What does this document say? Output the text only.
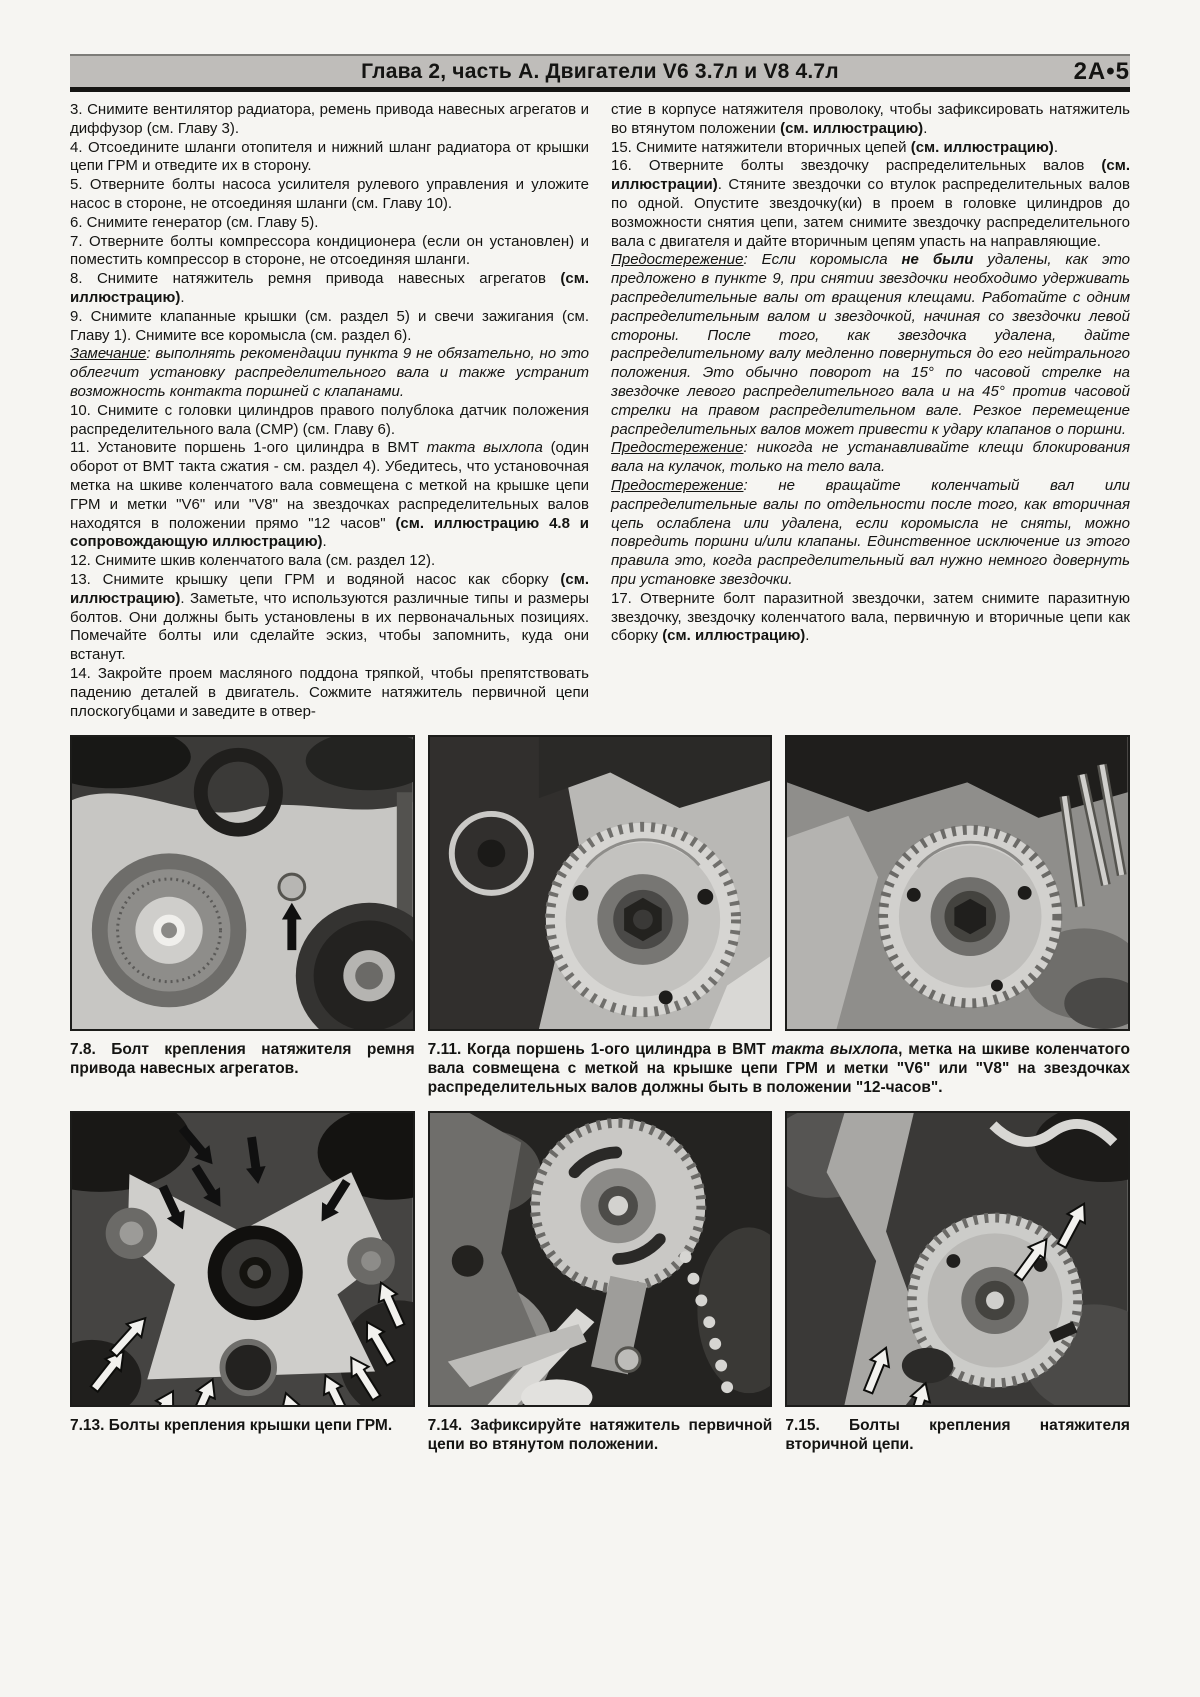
Глава 2, часть А. Двигатели V6 3.7л и V8 4.7л	2А•5

3. Снимите вентилятор радиатора, ремень привода навесных агрегатов и диффузор (см. Главу 3).

4. Отсоедините шланги отопителя и нижний шланг радиатора от крышки цепи ГРМ и отведите их в сторону.

5. Отверните болты насоса усилителя рулевого управления и уложите насос в стороне, не отсоединяя шланги (см. Главу 10).

6. Снимите генератор (см. Главу 5).

7. Отверните болты компрессора кондиционера (если он установлен) и поместить компрессор в стороне, не отсоединяя шланги.

8. Снимите натяжитель ремня привода навесных агрегатов (см. иллюстрацию).

9. Снимите клапанные крышки (см. раздел 5) и свечи зажигания (см. Главу 1). Снимите все коромысла (см. раздел 6).

Замечание: выполнять рекомендации пункта 9 не обязательно, но это облегчит установку распределительного вала и также устранит возможность контакта поршней с клапанами.

10. Снимите с головки цилиндров правого полублока датчик положения распределительного вала (CMP) (см. Главу 6).

11. Установите поршень 1-ого цилиндра в ВМТ такта выхлопа (один оборот от ВМТ такта сжатия - см. раздел 4). Убедитесь, что установочная метка на шкиве коленчатого вала совмещена с меткой на крышке цепи ГРМ и метки "V6" или "V8" на звездочках распределительных валов находятся в положении прямо "12 часов" (см. иллюстрацию 4.8 и сопровождающую иллюстрацию).

12. Снимите шкив коленчатого вала (см. раздел 12).

13. Снимите крышку цепи ГРМ и водяной насос как сборку (см. иллюстрацию). Заметьте, что используются различные типы и размеры болтов. Они должны быть установлены в их первоначальных позициях. Помечайте болты или сделайте эскиз, чтобы запомнить, куда они встанут.

14. Закройте проем масляного поддона тряпкой, чтобы препятствовать падению деталей в двигатель. Сожмите натяжитель первичной цепи плоскогубцами и заведите в отвер-

стие в корпусе натяжителя проволоку, чтобы зафиксировать натяжитель во втянутом положении (см. иллюстрацию).

15. Снимите натяжители вторичных цепей (см. иллюстрацию).

16. Отверните болты звездочку распределительных валов (см. иллюстрации). Стяните звездочки со втулок распределительных валов по одной. Опустите звездочку(ки) в проем в головке цилиндров до возможности снятия цепи, затем снимите звездочку распределительного вала с двигателя и дайте вторичным цепям упасть на направляющие.

Предостережение: Если коромысла не были удалены, как это предложено в пункте 9, при снятии звездочки необходимо удерживать распределительные валы от вращения клещами. Работайте с одним распределительным валом и звездочкой, начиная со звездочки левой стороны. После того, как звездочка удалена, дайте распределительному валу медленно повернуться до его нейтрального положения. Это обычно поворот на 15° по часовой стрелке на звездочке левого распределительного вала и на 45° против часовой стрелки на правом распределительном вале. Резкое перемещение распределительных валов может привести к удару клапанов о поршни.

Предостережение: никогда не устанавливайте клещи блокирования вала на кулачок, только на тело вала.

Предостережение: не вращайте коленчатый вал или распределительные валы по отдельности после того, как вторичная цепь ослаблена или удалена, если коромысла не сняты, можно повредить поршни и/или клапаны. Единственное исключение из этого правила это, когда распределительный вал нужно немного довернуть при установке звездочки.

17. Отверните болт паразитной звездочки, затем снимите паразитную звездочку, звездочку коленчатого вала, первичную и вторичные цепи как сборку (см. иллюстрацию).

7.8. Болт крепления натяжителя ремня привода навесных агрегатов.
7.11. Когда поршень 1-ого цилиндра в ВМТ такта выхлопа, метка на шкиве коленчатого вала совмещена с меткой на крышке цепи ГРМ и метки "V6" или "V8" на звездочках распределительных валов должны быть в положении "12-часов".
7.13. Болты крепления крышки цепи ГРМ.	7.14. Зафиксируйте натяжитель первичной цепи во втянутом положении.
7.15. Болты крепления натяжителя вторичной цепи.
